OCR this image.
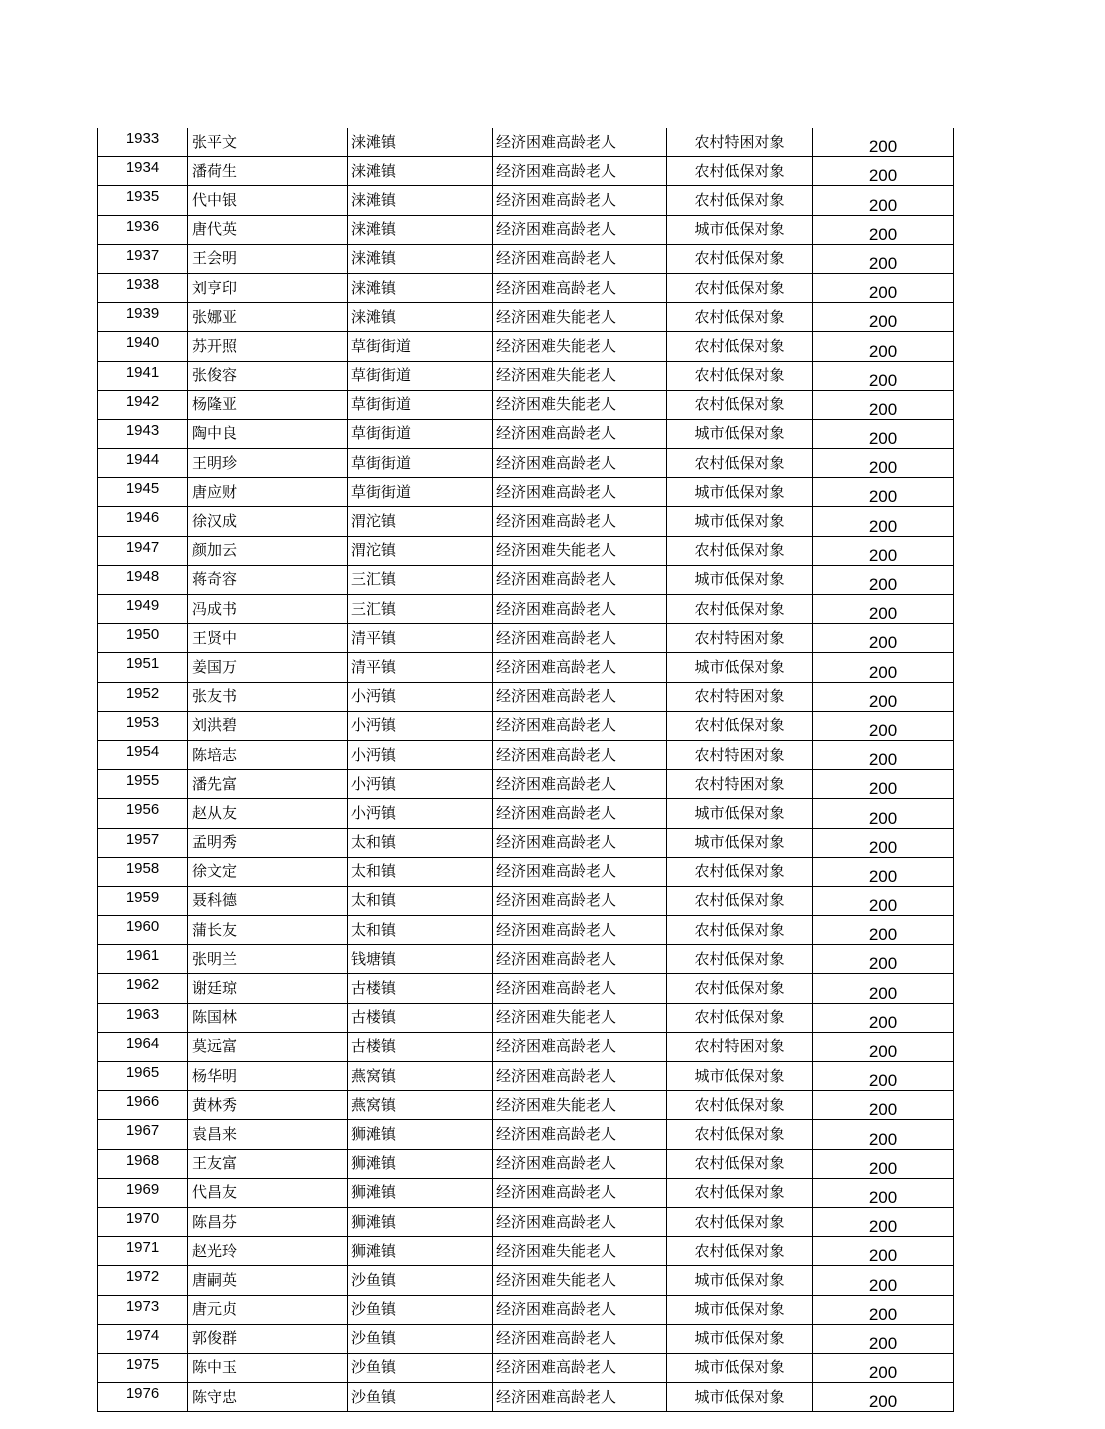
1933	张平文	涞滩镇	经济困难高龄老人	农村特困对象	200
1934	潘荷生	涞滩镇	经济困难高龄老人	农村低保对象	200
1935	代中银	涞滩镇	经济困难高龄老人	农村低保对象	200
1936	唐代英	涞滩镇	经济困难高龄老人	城市低保对象	200
1937	王会明	涞滩镇	经济困难高龄老人	农村低保对象	200
1938	刘亨印	涞滩镇	经济困难高龄老人	农村低保对象	200
1939	张娜亚	涞滩镇	经济困难失能老人	农村低保对象	200
1940	苏开照	草街街道	经济困难失能老人	农村低保对象	200
1941	张俊容	草街街道	经济困难失能老人	农村低保对象	200
1942	杨隆亚	草街街道	经济困难失能老人	农村低保对象	200
1943	陶中良	草街街道	经济困难高龄老人	城市低保对象	200
1944	王明珍	草街街道	经济困难高龄老人	农村低保对象	200
1945	唐应财	草街街道	经济困难高龄老人	城市低保对象	200
1946	徐汉成	渭沱镇	经济困难高龄老人	城市低保对象	200
1947	颜加云	渭沱镇	经济困难失能老人	农村低保对象	200
1948	蒋奇容	三汇镇	经济困难高龄老人	城市低保对象	200
1949	冯成书	三汇镇	经济困难高龄老人	农村低保对象	200
1950	王贤中	清平镇	经济困难高龄老人	农村特困对象	200
1951	姜国万	清平镇	经济困难高龄老人	城市低保对象	200
1952	张友书	小沔镇	经济困难高龄老人	农村特困对象	200
1953	刘洪碧	小沔镇	经济困难高龄老人	农村低保对象	200
1954	陈培志	小沔镇	经济困难高龄老人	农村特困对象	200
1955	潘先富	小沔镇	经济困难高龄老人	农村特困对象	200
1956	赵从友	小沔镇	经济困难高龄老人	城市低保对象	200
1957	孟明秀	太和镇	经济困难高龄老人	城市低保对象	200
1958	徐文定	太和镇	经济困难高龄老人	农村低保对象	200
1959	聂科德	太和镇	经济困难高龄老人	农村低保对象	200
1960	蒲长友	太和镇	经济困难高龄老人	农村低保对象	200
1961	张明兰	钱塘镇	经济困难高龄老人	农村低保对象	200
1962	谢廷琼	古楼镇	经济困难高龄老人	农村低保对象	200
1963	陈国林	古楼镇	经济困难失能老人	农村低保对象	200
1964	莫远富	古楼镇	经济困难高龄老人	农村特困对象	200
1965	杨华明	燕窝镇	经济困难高龄老人	城市低保对象	200
1966	黄林秀	燕窝镇	经济困难失能老人	农村低保对象	200
1967	袁昌来	狮滩镇	经济困难高龄老人	农村低保对象	200
1968	王友富	狮滩镇	经济困难高龄老人	农村低保对象	200
1969	代昌友	狮滩镇	经济困难高龄老人	农村低保对象	200
1970	陈昌芬	狮滩镇	经济困难高龄老人	农村低保对象	200
1971	赵光玲	狮滩镇	经济困难失能老人	农村低保对象	200
1972	唐嗣英	沙鱼镇	经济困难失能老人	城市低保对象	200
1973	唐元贞	沙鱼镇	经济困难高龄老人	城市低保对象	200
1974	郭俊群	沙鱼镇	经济困难高龄老人	城市低保对象	200
1975	陈中玉	沙鱼镇	经济困难高龄老人	城市低保对象	200
1976	陈守忠	沙鱼镇	经济困难高龄老人	城市低保对象	200
